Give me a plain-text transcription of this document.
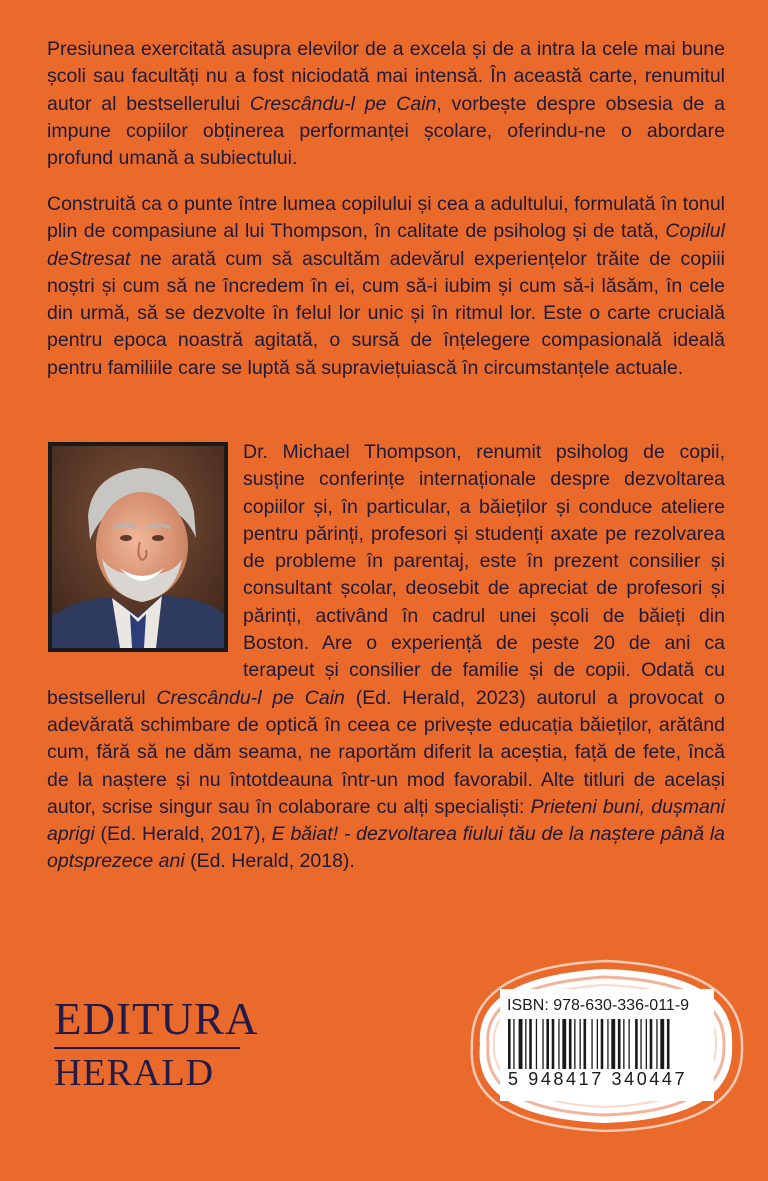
Presiunea exercitată asupra elevilor de a excela și de a intra la cele mai bune școli sau facultăți nu a fost niciodată mai intensă. În această carte, renumitul autor al bestsellerului Crescându-l pe Cain, vorbește despre obsesia de a impune copiilor obținerea performanței școlare, oferindu-ne o abordare profund umană a subiectului.

Construită ca o punte între lumea copilului și cea a adultului, formulată în tonul plin de compasiune al lui Thompson, în calitate de psiholog și de tată, Copilul deStresat ne arată cum să ascultăm adevărul experiențelor trăite de copiii noștri și cum să ne încredem în ei, cum să-i iubim și cum să-i lăsăm, în cele din urmă, să se dezvolte în felul lor unic și în ritmul lor. Este o carte crucială pentru epoca noastră agitată, o sursă de înțelegere compasională ideală pentru familiile care se luptă să supraviețuiască în circumstanțele actuale.

Dr. Michael Thompson, renumit psiholog de copii, susține conferințe internaționale despre dezvoltarea copiilor și, în particular, a băieților și conduce ateliere pentru părinți, profesori și studenți axate pe rezolvarea de probleme în parentaj, este în prezent consilier și consultant școlar, deosebit de apreciat de profesori și părinți, activând în cadrul unei școli de băieți din Boston. Are o experiență de peste 20 de ani ca terapeut și consilier de familie și de copii. Odată cu bestsellerul Crescându-l pe Cain (Ed. Herald, 2023) autorul a provocat o adevărată schimbare de optică în ceea ce privește educația băieților, arătând cum, fără să ne dăm seama, ne raportăm diferit la aceștia, față de fete, încă de la naștere și nu întotdeauna într-un mod favorabil. Alte titluri de același autor, scrise singur sau în colaborare cu alți specialiști: Prieteni buni, dușmani aprigi (Ed. Herald, 2017), E băiat! - dezvoltarea fiului tău de la naștere până la optsprezece ani (Ed. Herald, 2018).

EDITURA
HERALD
ISBN: 978-630-336-011-9
5 948417 340447
